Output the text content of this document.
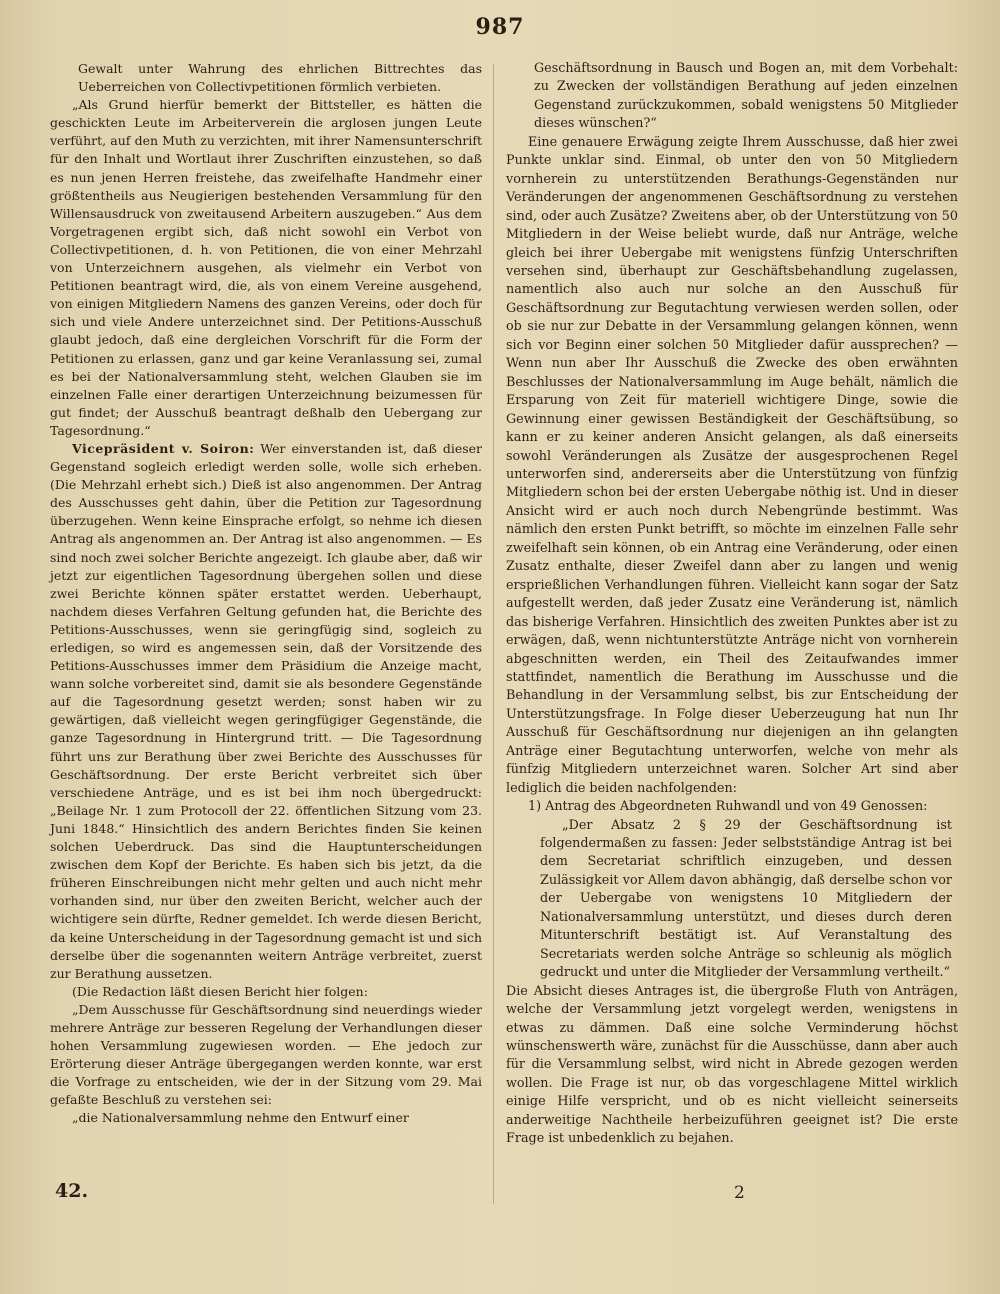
987

Gewalt unter Wahrung des ehrlichen Bittrechtes das Ueberreichen von Collectivpetitionen förmlich verbieten.

„Als Grund hierfür bemerkt der Bittsteller, es hätten die geschickten Leute im Arbeiterverein die arglosen jungen Leute verführt, auf den Muth zu verzichten, mit ihrer Namensunterschrift für den Inhalt und Wortlaut ihrer Zuschriften einzustehen, so daß es nun jenen Herren freistehe, das zweifelhafte Handmehr einer größtentheils aus Neugierigen bestehenden Versammlung für den Willensausdruck von zweitausend Arbeitern auszugeben.“ Aus dem Vorgetragenen ergibt sich, daß nicht sowohl ein Verbot von Collectivpetitionen, d. h. von Petitionen, die von einer Mehrzahl von Unterzeichnern ausgehen, als vielmehr ein Verbot von Petitionen beantragt wird, die, als von einem Vereine ausgehend, von einigen Mitgliedern Namens des ganzen Vereins, oder doch für sich und viele Andere unterzeichnet sind. Der Petitions-Ausschuß glaubt jedoch, daß eine dergleichen Vorschrift für die Form der Petitionen zu erlassen, ganz und gar keine Veranlassung sei, zumal es bei der Nationalversammlung steht, welchen Glauben sie im einzelnen Falle einer derartigen Unterzeichnung beizumessen für gut findet; der Ausschuß beantragt deßhalb den Uebergang zur Tagesordnung.“

Vicepräsident v. Soiron: Wer einverstanden ist, daß dieser Gegenstand sogleich erledigt werden solle, wolle sich erheben. (Die Mehrzahl erhebt sich.) Dieß ist also angenommen. Der Antrag des Ausschusses geht dahin, über die Petition zur Tagesordnung überzugehen. Wenn keine Einsprache erfolgt, so nehme ich diesen Antrag als angenommen an. Der Antrag ist also angenommen. — Es sind noch zwei solcher Berichte angezeigt. Ich glaube aber, daß wir jetzt zur eigentlichen Tagesordnung übergehen sollen und diese zwei Berichte können später erstattet werden. Ueberhaupt, nachdem dieses Verfahren Geltung gefunden hat, die Berichte des Petitions-Ausschusses, wenn sie geringfügig sind, sogleich zu erledigen, so wird es angemessen sein, daß der Vorsitzende des Petitions-Ausschusses immer dem Präsidium die Anzeige macht, wann solche vorbereitet sind, damit sie als besondere Gegenstände auf die Tagesordnung gesetzt werden; sonst haben wir zu gewärtigen, daß vielleicht wegen geringfügiger Gegenstände, die ganze Tagesordnung in Hintergrund tritt. — Die Tagesordnung führt uns zur Berathung über zwei Berichte des Ausschusses für Geschäftsordnung. Der erste Bericht verbreitet sich über verschiedene Anträge, und es ist bei ihm noch übergedruckt: „Beilage Nr. 1 zum Protocoll der 22. öffentlichen Sitzung vom 23. Juni 1848.“ Hinsichtlich des andern Berichtes finden Sie keinen solchen Ueberdruck. Das sind die Hauptunterscheidungen zwischen dem Kopf der Berichte. Es haben sich bis jetzt, da die früheren Einschreibungen nicht mehr gelten und auch nicht mehr vorhanden sind, nur über den zweiten Bericht, welcher auch der wichtigere sein dürfte, Redner gemeldet. Ich werde diesen Bericht, da keine Unterscheidung in der Tagesordnung gemacht ist und sich derselbe über die sogenannten weitern Anträge verbreitet, zuerst zur Berathung aussetzen.

(Die Redaction läßt diesen Bericht hier folgen:

„Dem Ausschusse für Geschäftsordnung sind neuerdings wieder mehrere Anträge zur besseren Regelung der Verhandlungen dieser hohen Versammlung zugewiesen worden. — Ehe jedoch zur Erörterung dieser Anträge übergegangen werden konnte, war erst die Vorfrage zu entscheiden, wie der in der Sitzung vom 29. Mai gefaßte Beschluß zu verstehen sei:

„die Nationalversammlung nehme den Entwurf einer

Geschäftsordnung in Bausch und Bogen an, mit dem Vorbehalt: zu Zwecken der vollständigen Berathung auf jeden einzelnen Gegenstand zurückzukommen, sobald wenigstens 50 Mitglieder dieses wünschen?“

Eine genauere Erwägung zeigte Ihrem Ausschusse, daß hier zwei Punkte unklar sind. Einmal, ob unter den von 50 Mitgliedern vornherein zu unterstützenden Berathungs-Gegenständen nur Veränderungen der angenommenen Geschäftsordnung zu verstehen sind, oder auch Zusätze? Zweitens aber, ob der Unterstützung von 50 Mitgliedern in der Weise beliebt wurde, daß nur Anträge, welche gleich bei ihrer Uebergabe mit wenigstens fünfzig Unterschriften versehen sind, überhaupt zur Geschäftsbehandlung zugelassen, namentlich also auch nur solche an den Ausschuß für Geschäftsordnung zur Begutachtung verwiesen werden sollen, oder ob sie nur zur Debatte in der Versammlung gelangen können, wenn sich vor Beginn einer solchen 50 Mitglieder dafür aussprechen? — Wenn nun aber Ihr Ausschuß die Zwecke des oben erwähnten Beschlusses der Nationalversammlung im Auge behält, nämlich die Ersparung von Zeit für materiell wichtigere Dinge, sowie die Gewinnung einer gewissen Beständigkeit der Geschäftsübung, so kann er zu keiner anderen Ansicht gelangen, als daß einerseits sowohl Veränderungen als Zusätze der ausgesprochenen Regel unterworfen sind, andererseits aber die Unterstützung von fünfzig Mitgliedern schon bei der ersten Uebergabe nöthig ist. Und in dieser Ansicht wird er auch noch durch Nebengründe bestimmt. Was nämlich den ersten Punkt betrifft, so möchte im einzelnen Falle sehr zweifelhaft sein können, ob ein Antrag eine Veränderung, oder einen Zusatz enthalte, dieser Zweifel dann aber zu langen und wenig ersprießlichen Verhandlungen führen. Vielleicht kann sogar der Satz aufgestellt werden, daß jeder Zusatz eine Veränderung ist, nämlich das bisherige Verfahren. Hinsichtlich des zweiten Punktes aber ist zu erwägen, daß, wenn nichtunterstützte Anträge nicht von vornherein abgeschnitten werden, ein Theil des Zeitaufwandes immer stattfindet, namentlich die Berathung im Ausschusse und die Behandlung in der Versammlung selbst, bis zur Entscheidung der Unterstützungsfrage. In Folge dieser Ueberzeugung hat nun Ihr Ausschuß für Geschäftsordnung nur diejenigen an ihn gelangten Anträge einer Begutachtung unterworfen, welche von mehr als fünfzig Mitgliedern unterzeichnet waren. Solcher Art sind aber lediglich die beiden nachfolgenden:

1) Antrag des Abgeordneten Ruhwandl und von 49 Genossen:

„Der Absatz 2 § 29 der Geschäftsordnung ist folgendermaßen zu fassen: Jeder selbstständige Antrag ist bei dem Secretariat schriftlich einzugeben, und dessen Zulässigkeit vor Allem davon abhängig, daß derselbe schon vor der Uebergabe von wenigstens 10 Mitgliedern der Nationalversammlung unterstützt, und dieses durch deren Mitunterschrift bestätigt ist. Auf Veranstaltung des Secretariats werden solche Anträge so schleunig als möglich gedruckt und unter die Mitglieder der Versammlung vertheilt.“

Die Absicht dieses Antrages ist, die übergroße Fluth von Anträgen, welche der Versammlung jetzt vorgelegt werden, wenigstens in etwas zu dämmen. Daß eine solche Verminderung höchst wünschenswerth wäre, zunächst für die Ausschüsse, dann aber auch für die Versammlung selbst, wird nicht in Abrede gezogen werden wollen. Die Frage ist nur, ob das vorgeschlagene Mittel wirklich einige Hilfe verspricht, und ob es nicht vielleicht seinerseits anderweitige Nachtheile herbeizuführen geeignet ist? Die erste Frage ist unbedenklich zu bejahen.

42.	2
